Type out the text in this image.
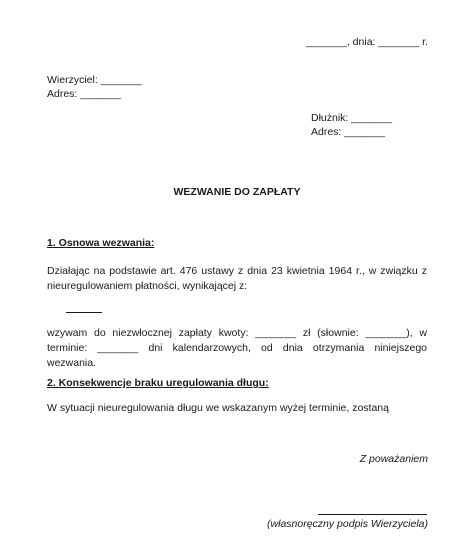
_______, dnia: _______ r.
Wierzyciel: _______
Adres: _______
Dłużnik: _______
Adres: _______
WEZWANIE DO ZAPŁATY
1. Osnowa wezwania:
Działając na podstawie art. 476 ustawy z dnia 23 kwietnia 1964 r., w związku z nieuregulowaniem płatności, wynikającej z:
wzywam do niezwłocznej zapłaty kwoty: _______ zł (słownie: _______), w terminie: _______ dni kalendarzowych, od dnia otrzymania niniejszego wezwania.
2. Konsekwencje braku uregulowania długu:
W sytuacji nieuregulowania długu we wskazanym wyżej terminie, zostaną
Z poważaniem
(własnoręczny podpis Wierzyciela)
